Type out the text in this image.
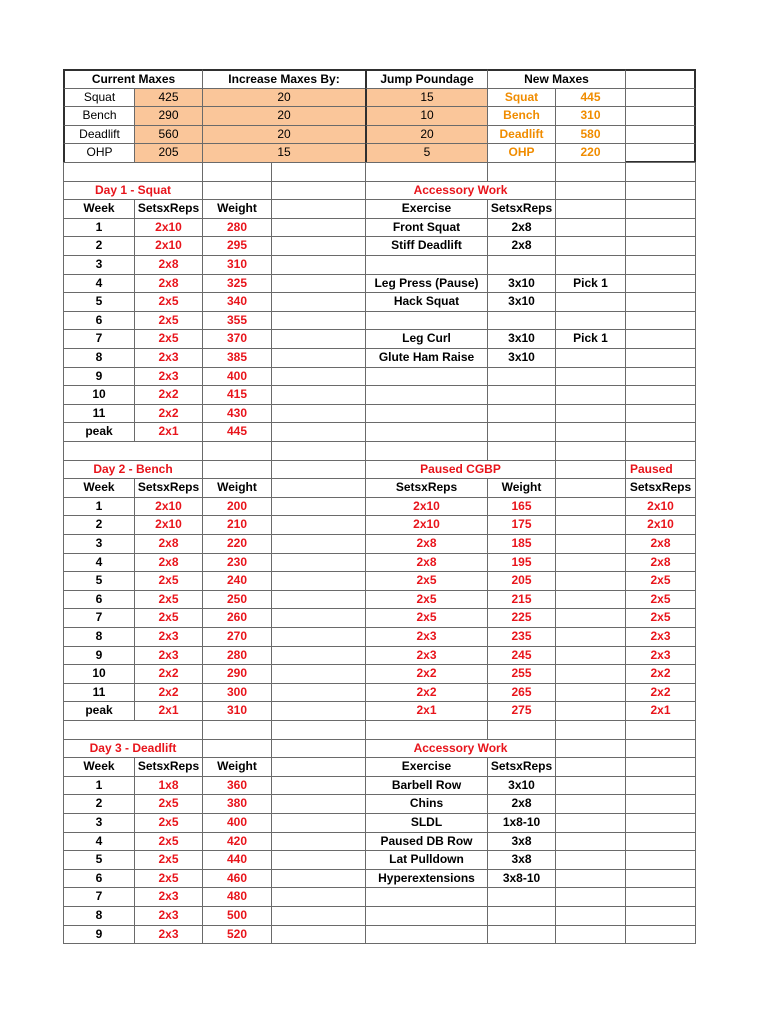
Current Maxes	Increase Maxes By:	Jump Poundage	New Maxes
Squat	425	20	15	Squat	445
Bench	290	20	10	Bench	310
Deadlift	560	20	20	Deadlift	580
OHP	205	15	5	OHP	220
Day 1 - Squat	Accessory Work
Week	SetsxReps	Weight	Exercise	SetsxReps
1	2x10	280	Front Squat	2x8
2	2x10	295	Stiff Deadlift	2x8
3	2x8	310
4	2x8	325	Leg Press (Pause)	3x10	Pick 1
5	2x5	340	Hack Squat	3x10
6	2x5	355
7	2x5	370	Leg Curl	3x10	Pick 1
8	2x3	385	Glute Ham Raise	3x10
9	2x3	400
10	2x2	415
11	2x2	430
peak	2x1	445
Day 2 - Bench	Paused CGBP	Paused
Week	SetsxReps	Weight	SetsxReps	Weight	SetsxReps
1	2x10	200	2x10	165	2x10
2	2x10	210	2x10	175	2x10
3	2x8	220	2x8	185	2x8
4	2x8	230	2x8	195	2x8
5	2x5	240	2x5	205	2x5
6	2x5	250	2x5	215	2x5
7	2x5	260	2x5	225	2x5
8	2x3	270	2x3	235	2x3
9	2x3	280	2x3	245	2x3
10	2x2	290	2x2	255	2x2
11	2x2	300	2x2	265	2x2
peak	2x1	310	2x1	275	2x1
Day 3 - Deadlift	Accessory Work
Week	SetsxReps	Weight	Exercise	SetsxReps
1	1x8	360	Barbell Row	3x10
2	2x5	380	Chins	2x8
3	2x5	400	SLDL	1x8-10
4	2x5	420	Paused DB Row	3x8
5	2x5	440	Lat Pulldown	3x8
6	2x5	460	Hyperextensions	3x8-10
7	2x3	480
8	2x3	500
9	2x3	520
